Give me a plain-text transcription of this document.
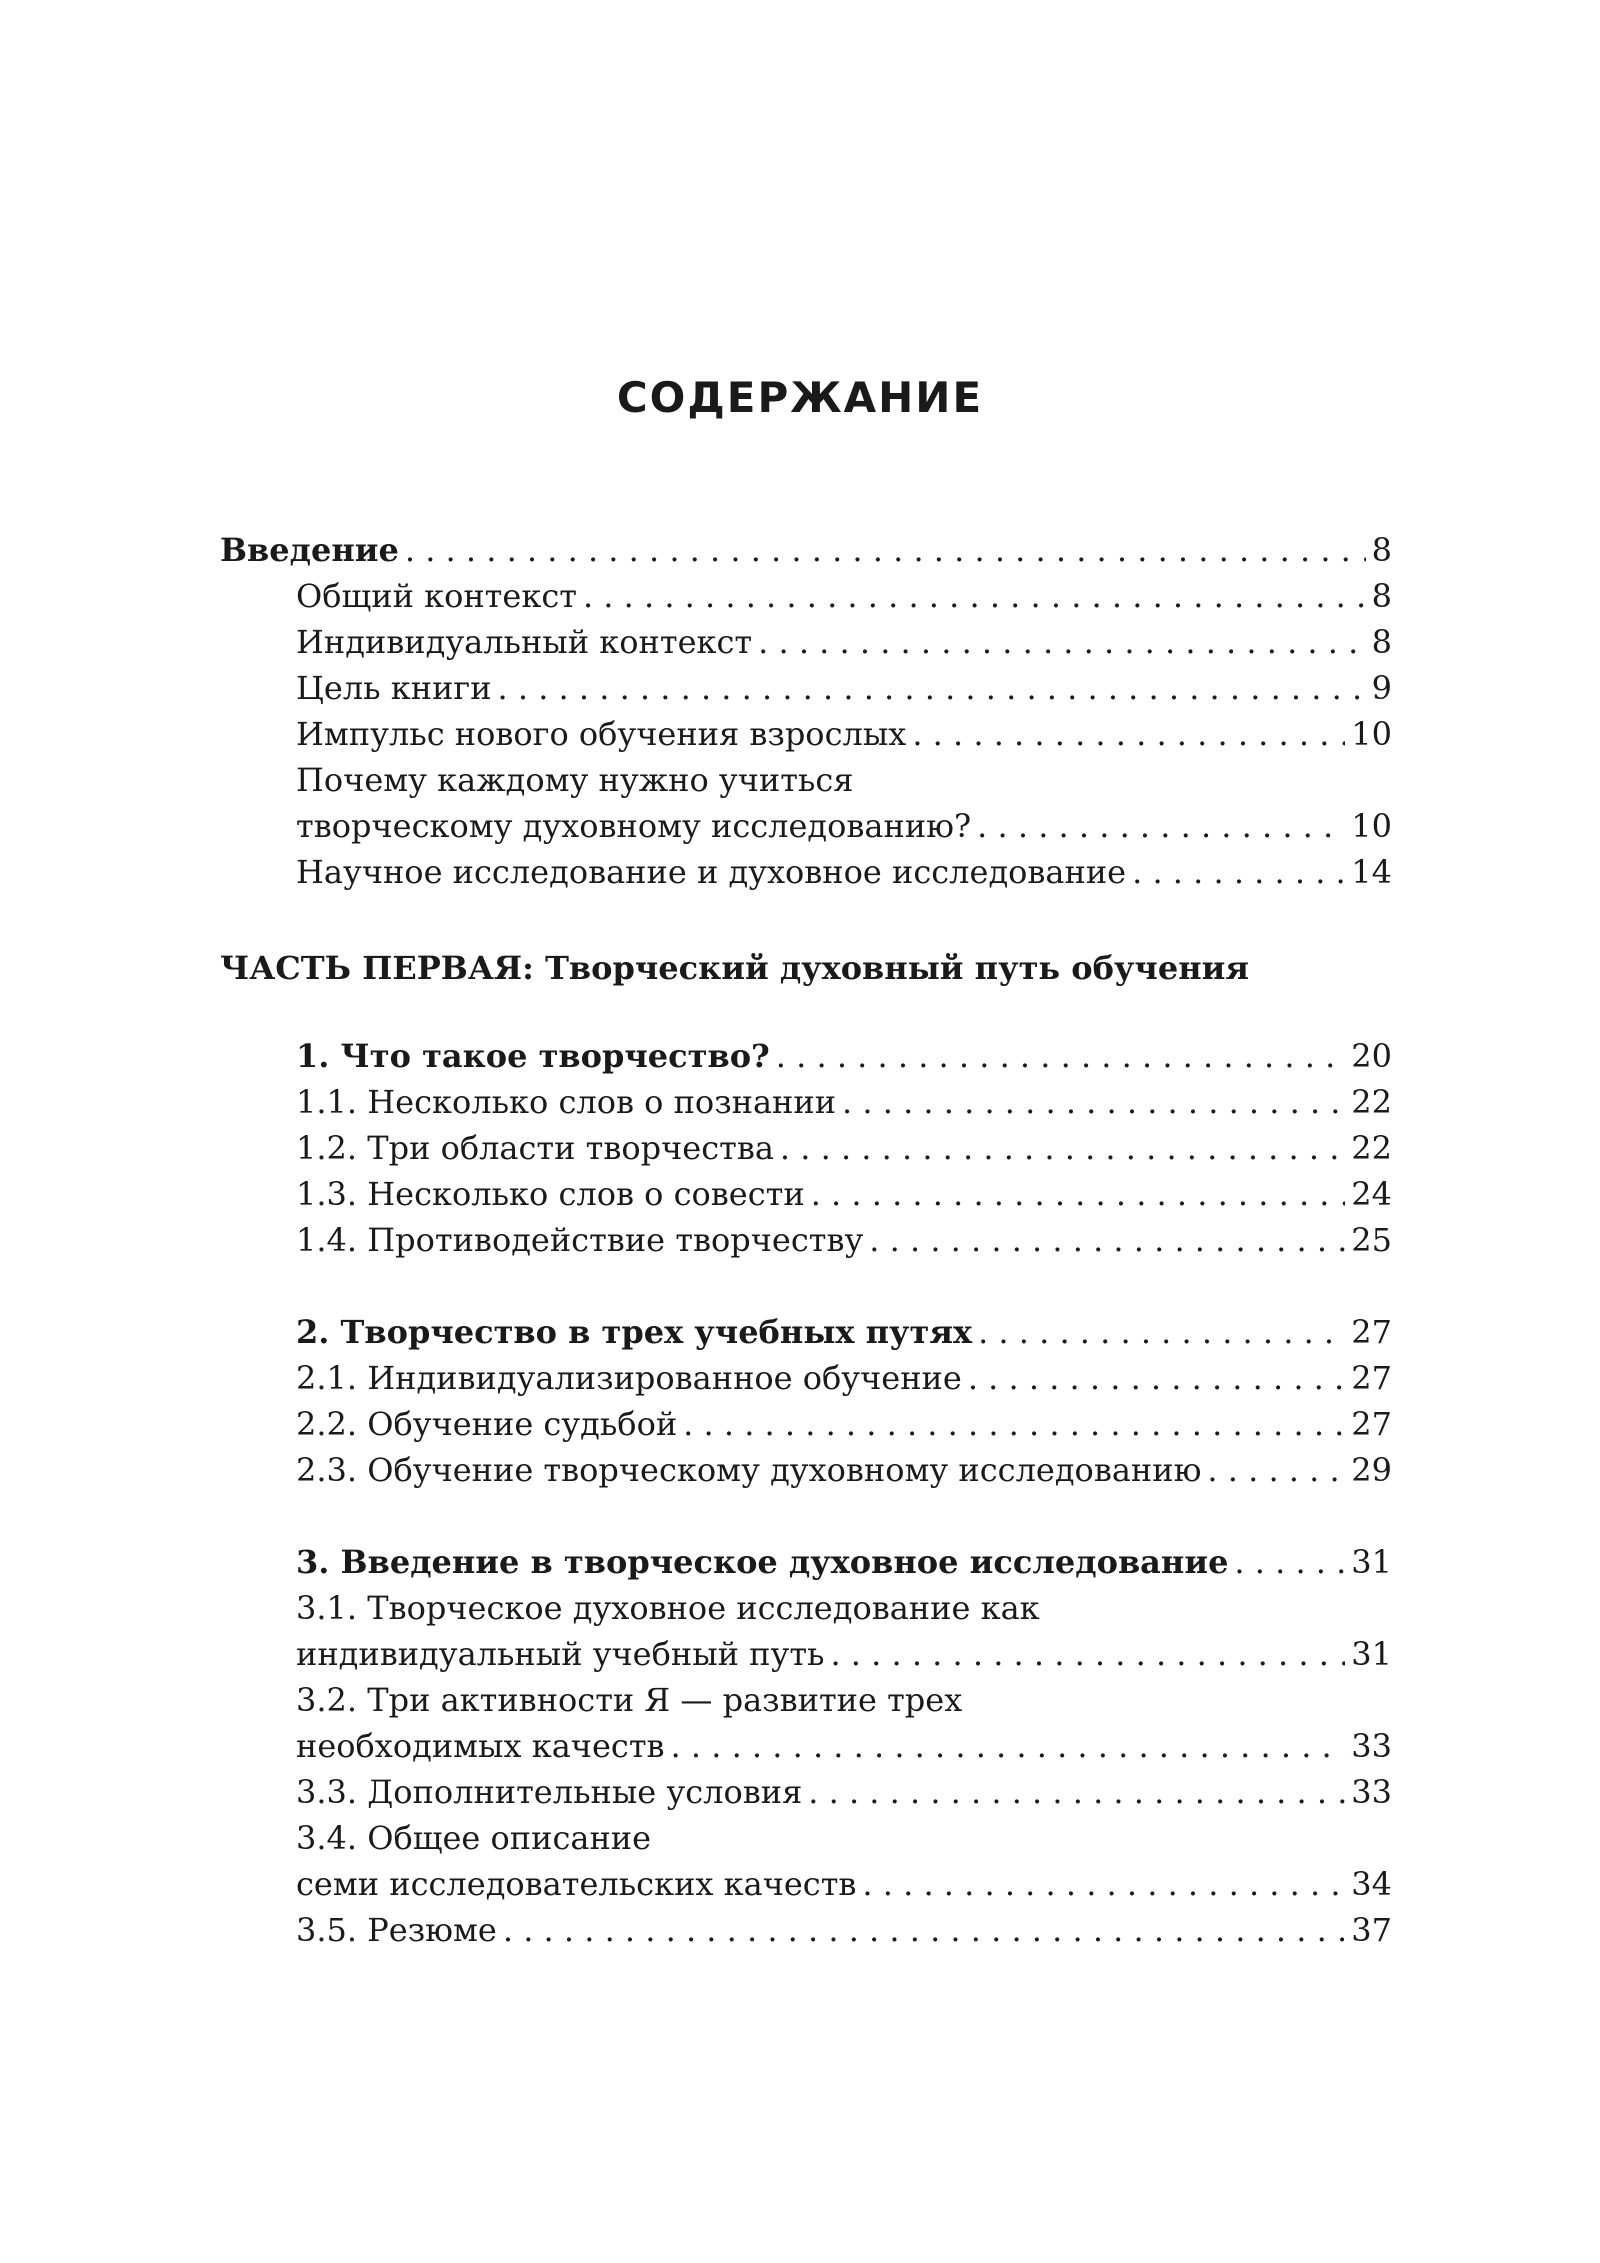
СОДЕРЖАНИЕ
Введение . . .	8
Общий контекст . . .	8
Индивидуальный контекст . . .	8
Цель книги . . .	9
Импульс нового обучения взрослых . . .	10
Почему каждому нужно учиться
творческому духовному исследованию? . . .	10
Научное исследование и духовное исследование . . .	14
ЧАСТЬ ПЕРВАЯ: Творческий духовный путь обучения
1. Что такое творчество? . . .	20
1.1. Несколько слов о познании . . .	22
1.2. Три области творчества . . .	22
1.3. Несколько слов о совести . . .	24
1.4. Противодействие творчеству . . .	25
2. Творчество в трех учебных путях . . .	27
2.1. Индивидуализированное обучение . . .	27
2.2. Обучение судьбой . . .	27
2.3. Обучение творческому духовному исследованию . . .	29
3. Введение в творческое духовное исследование . . .	31
3.1. Творческое духовное исследование как
индивидуальный учебный путь . . .	31
3.2. Три активности Я — развитие трех
необходимых качеств . . .	33
3.3. Дополнительные условия . . .	33
3.4. Общее описание
семи исследовательских качеств . . .	34
3.5. Резюме . . .	37
